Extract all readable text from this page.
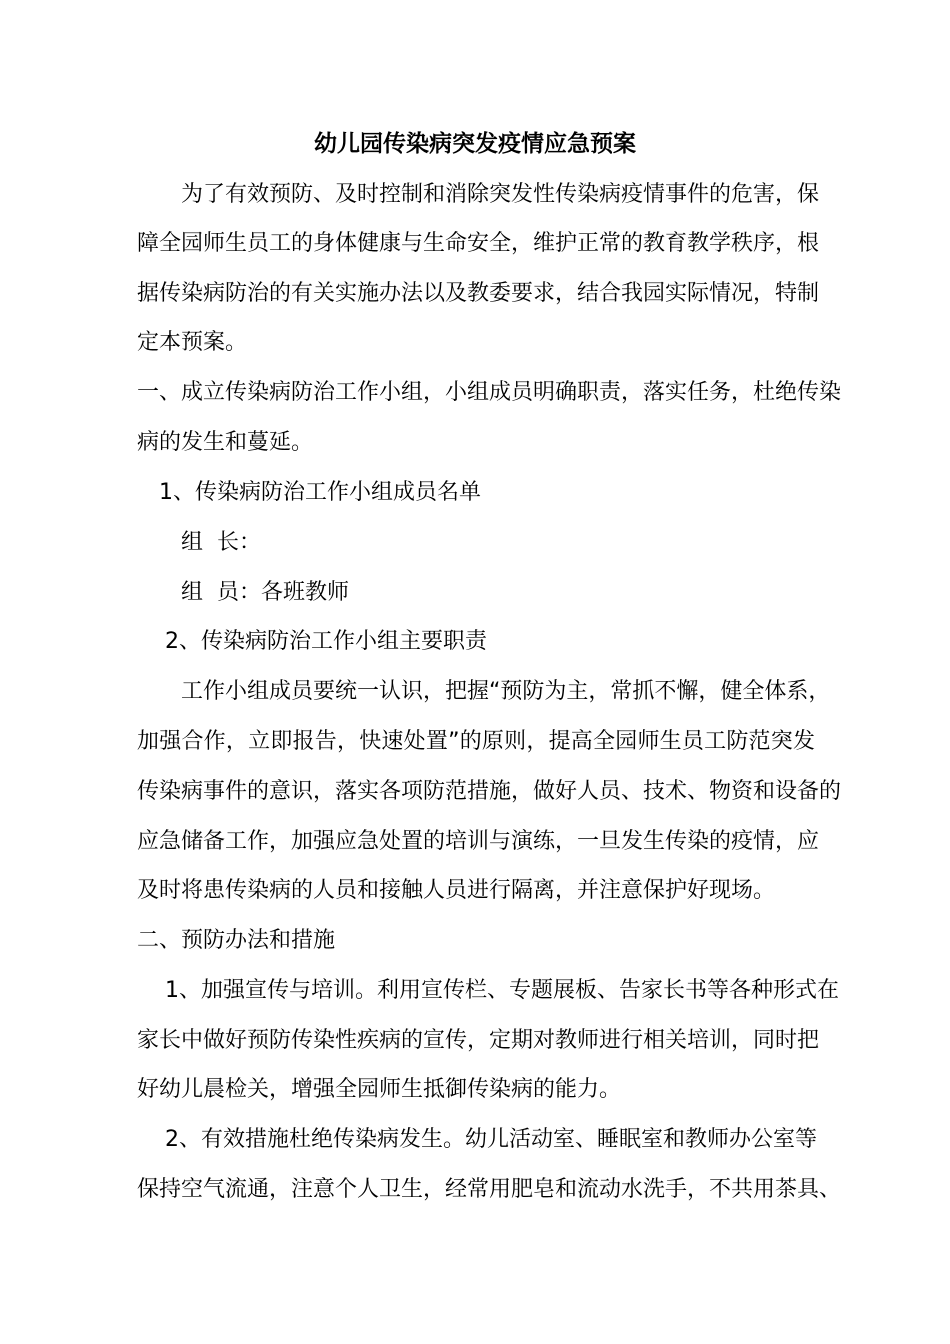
幼儿园传染病突发疫情应急预案
为了有效预防、及时控制和消除突发性传染病疫情事件的危害，保
障全园师生员工的身体健康与生命安全，维护正常的教育教学秩序，根
据传染病防治的有关实施办法以及教委要求，结合我园实际情况，特制
定本预案。
一、成立传染病防治工作小组，小组成员明确职责，落实任务，杜绝传染
病的发生和蔓延。
1、传染病防治工作小组成员名单
组  长：
组  员：各班教师
2、传染病防治工作小组主要职责
工作小组成员要统一认识，把握“预防为主，常抓不懈，健全体系，
加强合作，立即报告，快速处置”的原则，提高全园师生员工防范突发
传染病事件的意识，落实各项防范措施，做好人员、技术、物资和设备的
应急储备工作，加强应急处置的培训与演练，一旦发生传染的疫情，应
及时将患传染病的人员和接触人员进行隔离，并注意保护好现场。
二、预防办法和措施
1、加强宣传与培训。利用宣传栏、专题展板、告家长书等各种形式在
家长中做好预防传染性疾病的宣传，定期对教师进行相关培训，同时把
好幼儿晨检关，增强全园师生抵御传染病的能力。
2、有效措施杜绝传染病发生。幼儿活动室、睡眠室和教师办公室等
保持空气流通，注意个人卫生，经常用肥皂和流动水洗手，不共用茶具、
